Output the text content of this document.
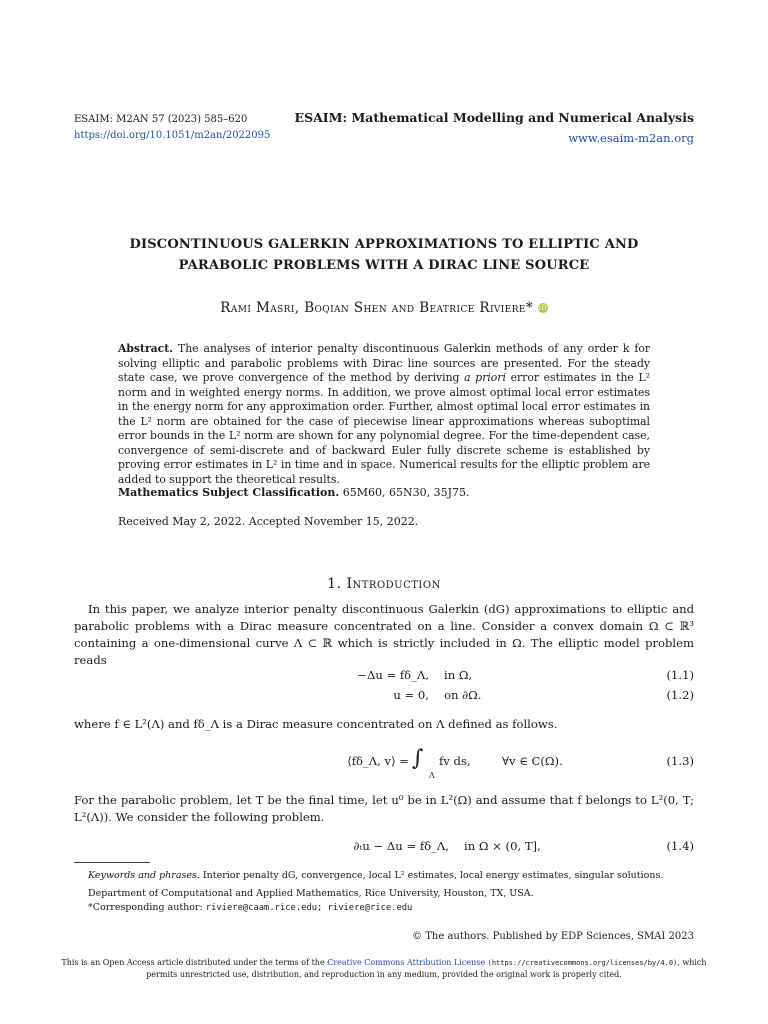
ESAIM: M2AN 57 (2023) 585–620
https://doi.org/10.1051/m2an/2022095
ESAIM: Mathematical Modelling and Numerical Analysis
www.esaim-m2an.org
DISCONTINUOUS GALERKIN APPROXIMATIONS TO ELLIPTIC AND
PARABOLIC PROBLEMS WITH A DIRAC LINE SOURCE
Rami Masri, Boqian Shen and Beatrice Riviere* iD
Abstract. The analyses of interior penalty discontinuous Galerkin methods of any order k for solving elliptic and parabolic problems with Dirac line sources are presented. For the steady state case, we prove convergence of the method by deriving a priori error estimates in the L² norm and in weighted energy norms. In addition, we prove almost optimal local error estimates in the energy norm for any approximation order. Further, almost optimal local error estimates in the L² norm are obtained for the case of piecewise linear approximations whereas suboptimal error bounds in the L² norm are shown for any polynomial degree. For the time-dependent case, convergence of semi-discrete and of backward Euler fully discrete scheme is established by proving error estimates in L² in time and in space. Numerical results for the elliptic problem are added to support the theoretical results.
Mathematics Subject Classification. 65M60, 65N30, 35J75.
Received May 2, 2022. Accepted November 15, 2022.
1. Introduction
In this paper, we analyze interior penalty discontinuous Galerkin (dG) approximations to elliptic and parabolic problems with a Dirac measure concentrated on a line. Consider a convex domain Ω ⊂ ℝ³ containing a one-dimensional curve Λ ⊂ ℝ which is strictly included in Ω. The elliptic model problem reads
−Δu = fδ_Λ, in Ω,	(1.1)
u = 0, on ∂Ω.	(1.2)
where f ∈ L²(Λ) and fδ_Λ is a Dirac measure concentrated on Λ defined as follows.
⟨fδ_Λ, v⟩ = ∫
Λ
fv ds,	∀v ∈ C(Ω).	(1.3)
For the parabolic problem, let T be the final time, let u⁰ be in L²(Ω) and assume that f belongs to L²(0, T; L²(Λ)). We consider the following problem.
∂ₜu − Δu = fδ_Λ, in Ω × (0, T],	(1.4)
Keywords and phrases. Interior penalty dG, convergence, local L² estimates, local energy estimates, singular solutions.
Department of Computational and Applied Mathematics, Rice University, Houston, TX, USA.
*Corresponding author: riviere@caam.rice.edu; riviere@rice.edu
© The authors. Published by EDP Sciences, SMAI 2023
This is an Open Access article distributed under the terms of the Creative Commons Attribution License (https://creativecommons.org/licenses/by/4.0), which permits unrestricted use, distribution, and reproduction in any medium, provided the original work is properly cited.
